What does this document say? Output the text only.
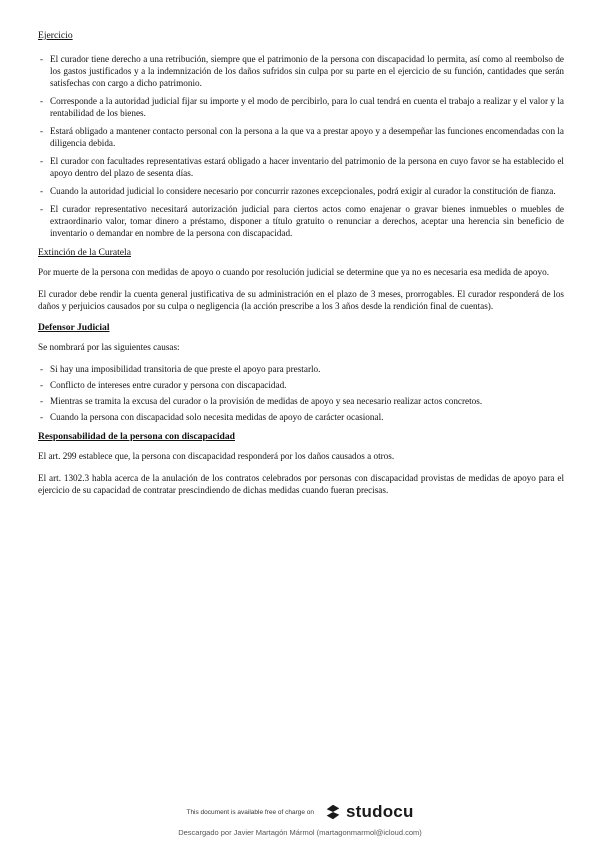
Ejercicio
- El curador tiene derecho a una retribución, siempre que el patrimonio de la persona con discapacidad lo permita, así como al reembolso de los gastos justificados y a la indemnización de los daños sufridos sin culpa por su parte en el ejercicio de su función, cantidades que serán satisfechas con cargo a dicho patrimonio.
- Corresponde a la autoridad judicial fijar su importe y el modo de percibirlo, para lo cual tendrá en cuenta el trabajo a realizar y el valor y la rentabilidad de los bienes.
- Estará obligado a mantener contacto personal con la persona a la que va a prestar apoyo y a desempeñar las funciones encomendadas con la diligencia debida.
- El curador con facultades representativas estará obligado a hacer inventario del patrimonio de la persona en cuyo favor se ha establecido el apoyo dentro del plazo de sesenta días.
- Cuando la autoridad judicial lo considere necesario por concurrir razones excepcionales, podrá exigir al curador la constitución de fianza.
- El curador representativo necesitará autorización judicial para ciertos actos como enajenar o gravar bienes inmuebles o muebles de extraordinario valor, tomar dinero a préstamo, disponer a título gratuito o renunciar a derechos, aceptar una herencia sin beneficio de inventario o demandar en nombre de la persona con discapacidad.
Extinción de la Curatela

Por muerte de la persona con medidas de apoyo o cuando por resolución judicial se determine que ya no es necesaria esa medida de apoyo.

El curador debe rendir la cuenta general justificativa de su administración en el plazo de 3 meses, prorrogables. El curador responderá de los daños y perjuicios causados por su culpa o negligencia (la acción prescribe a los 3 años desde la rendición final de cuentas).

Defensor Judicial

Se nombrará por las siguientes causas:

- Si hay una imposibilidad transitoria de que preste el apoyo para prestarlo.
- Conflicto de intereses entre curador y persona con discapacidad.
- Mientras se tramita la excusa del curador o la provisión de medidas de apoyo y sea necesario realizar actos concretos.
- Cuando la persona con discapacidad solo necesita medidas de apoyo de carácter ocasional.
Responsabilidad de la persona con discapacidad

El art. 299 establece que, la persona con discapacidad responderá por los daños causados a otros.

El art. 1302.3 habla acerca de la anulación de los contratos celebrados por personas con discapacidad provistas de medidas de apoyo para el ejercicio de su capacidad de contratar prescindiendo de dichas medidas cuando fueran precisas.

This document is available free of charge on studocu
Descargado por Javier Martagón Mármol (martagonmarmol@icloud.com)
